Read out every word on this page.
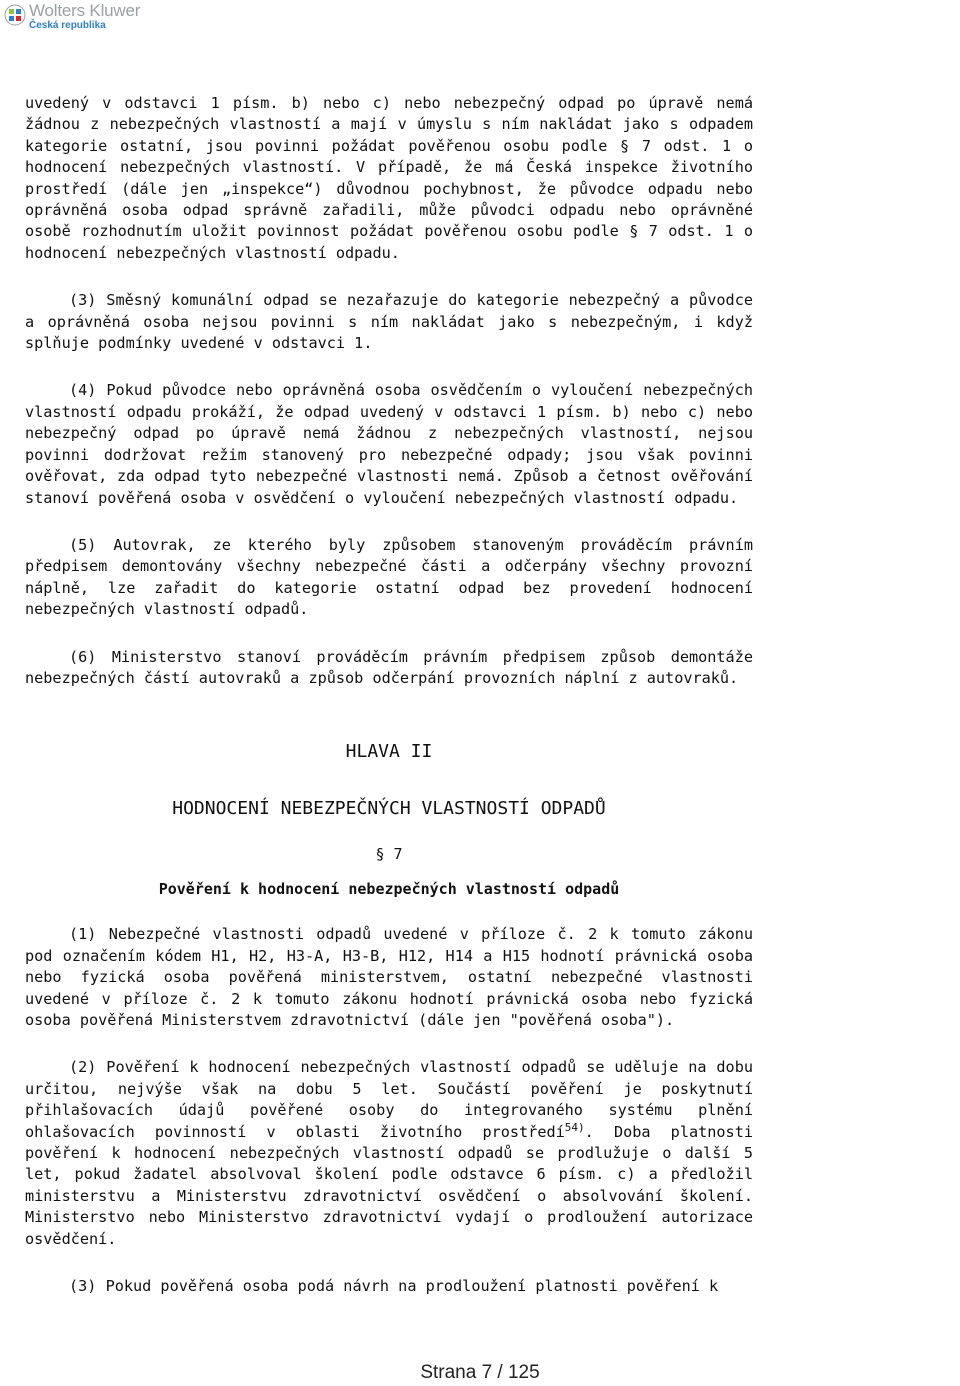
Wolters Kluwer
Česká republika

uvedený v odstavci 1 písm. b) nebo c) nebo nebezpečný odpad po úpravě nemá žádnou z nebezpečných vlastností a mají v úmyslu s ním nakládat jako s odpadem kategorie ostatní, jsou povinni požádat pověřenou osobu podle § 7 odst. 1 o hodnocení nebezpečných vlastností. V případě, že má Česká inspekce životního prostředí (dále jen „inspekce“) důvodnou pochybnost, že původce odpadu nebo oprávněná osoba odpad správně zařadili, může původci odpadu nebo oprávněné osobě rozhodnutím uložit povinnost požádat pověřenou osobu podle § 7 odst. 1 o hodnocení nebezpečných vlastností odpadu.

(3) Směsný komunální odpad se nezařazuje do kategorie nebezpečný a původce a oprávněná osoba nejsou povinni s ním nakládat jako s nebezpečným, i když splňuje podmínky uvedené v odstavci 1.

(4) Pokud původce nebo oprávněná osoba osvědčením o vyloučení nebezpečných vlastností odpadu prokáží, že odpad uvedený v odstavci 1 písm. b) nebo c) nebo nebezpečný odpad po úpravě nemá žádnou z nebezpečných vlastností, nejsou povinni dodržovat režim stanovený pro nebezpečné odpady; jsou však povinni ověřovat, zda odpad tyto nebezpečné vlastnosti nemá. Způsob a četnost ověřování stanoví pověřená osoba v osvědčení o vyloučení nebezpečných vlastností odpadu.

(5) Autovrak, ze kterého byly způsobem stanoveným prováděcím právním předpisem demontovány všechny nebezpečné části a odčerpány všechny provozní náplně, lze zařadit do kategorie ostatní odpad bez provedení hodnocení nebezpečných vlastností odpadů.

(6) Ministerstvo stanoví prováděcím právním předpisem způsob demontáže nebezpečných částí autovraků a způsob odčerpání provozních náplní z autovraků.

HLAVA II
HODNOCENÍ NEBEZPEČNÝCH VLASTNOSTÍ ODPADŮ
§ 7
Pověření k hodnocení nebezpečných vlastností odpadů

(1) Nebezpečné vlastnosti odpadů uvedené v příloze č. 2 k tomuto zákonu pod označením kódem H1, H2, H3-A, H3-B, H12, H14 a H15 hodnotí právnická osoba nebo fyzická osoba pověřená ministerstvem, ostatní nebezpečné vlastnosti uvedené v příloze č. 2 k tomuto zákonu hodnotí právnická osoba nebo fyzická osoba pověřená Ministerstvem zdravotnictví (dále jen "pověřená osoba").

(2) Pověření k hodnocení nebezpečných vlastností odpadů se uděluje na dobu určitou, nejvýše však na dobu 5 let. Součástí pověření je poskytnutí přihlašovacích údajů pověřené osoby do integrovaného systému plnění ohlašovacích povinností v oblasti životního prostředí$^{54)}$. Doba platnosti pověření k hodnocení nebezpečných vlastností odpadů se prodlužuje o další 5 let, pokud žadatel absolvoval školení podle odstavce 6 písm. c) a předložil ministerstvu a Ministerstvu zdravotnictví osvědčení o absolvování školení. Ministerstvo nebo Ministerstvo zdravotnictví vydají o prodloužení autorizace osvědčení.

(3) Pokud pověřená osoba podá návrh na prodloužení platnosti pověření k

Strana 7 / 125
